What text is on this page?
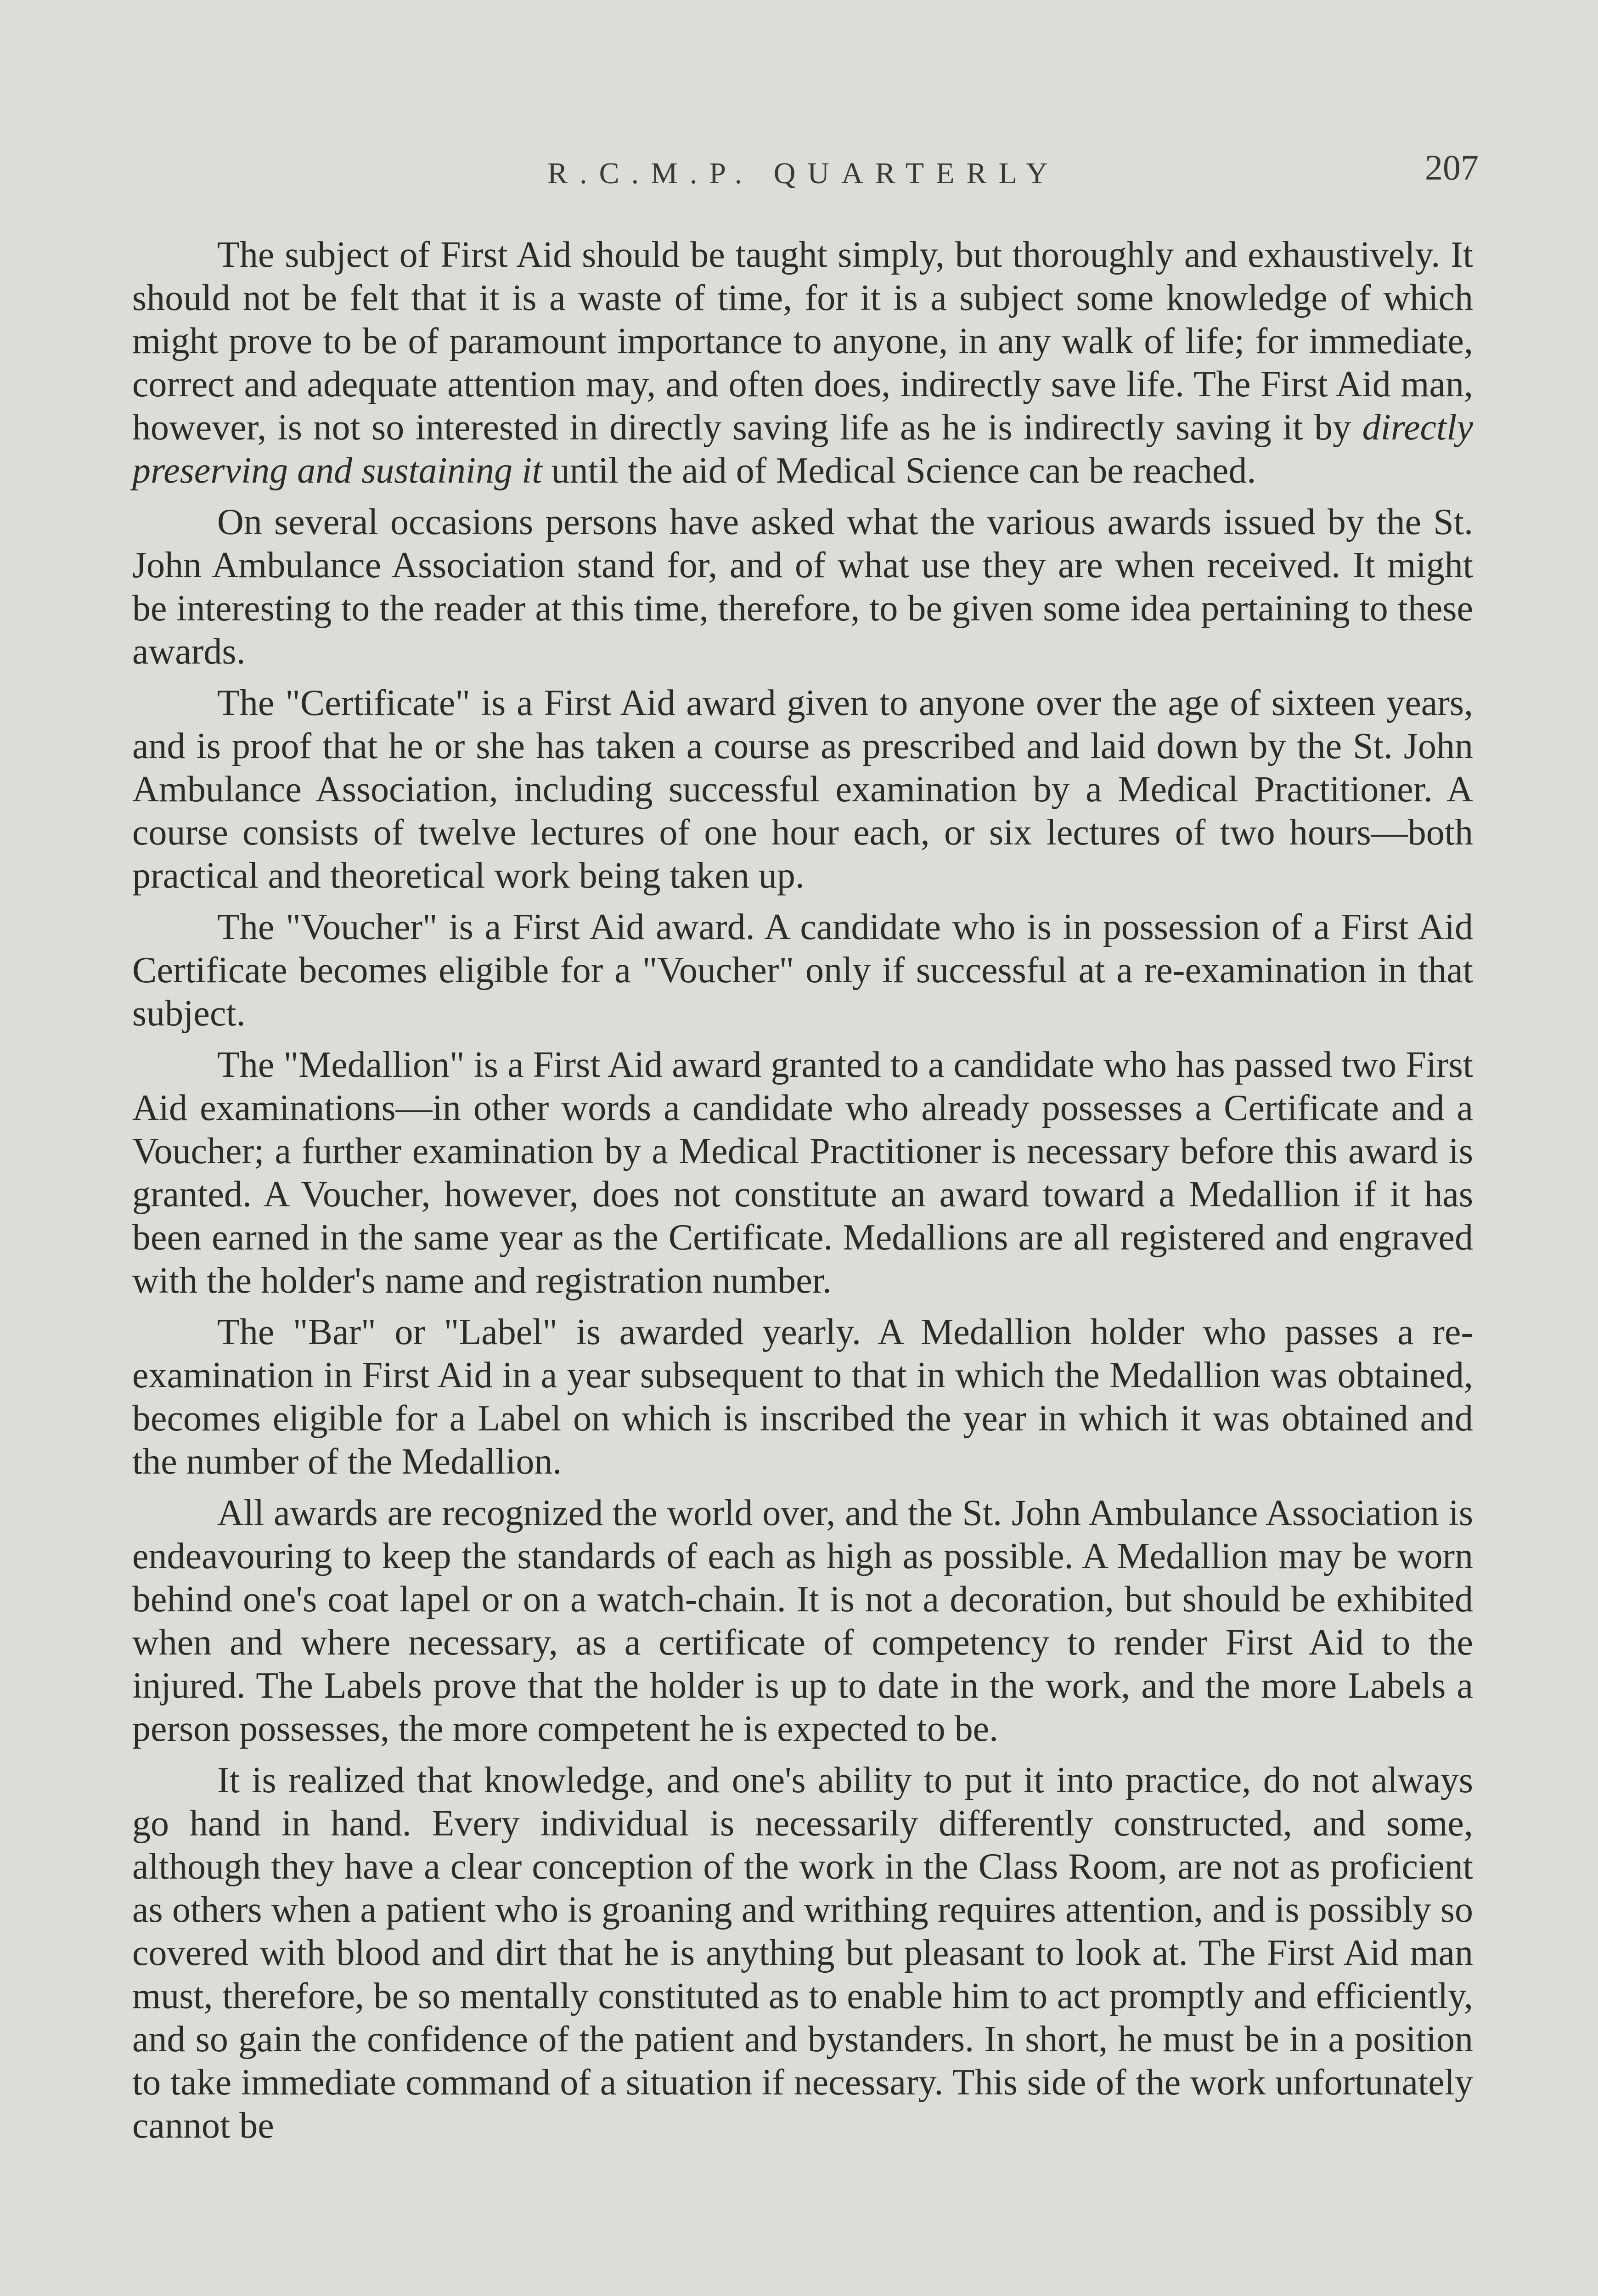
R.C.M.P. QUARTERLY	207

The subject of First Aid should be taught simply, but thoroughly and exhaustively. It should not be felt that it is a waste of time, for it is a subject some knowledge of which might prove to be of paramount importance to anyone, in any walk of life; for immediate, correct and adequate attention may, and often does, indirectly save life. The First Aid man, however, is not so interested in directly saving life as he is indirectly saving it by directly preserving and sustaining it until the aid of Medical Science can be reached.

On several occasions persons have asked what the various awards issued by the St. John Ambulance Association stand for, and of what use they are when received. It might be interesting to the reader at this time, therefore, to be given some idea pertaining to these awards.

The "Certificate" is a First Aid award given to anyone over the age of sixteen years, and is proof that he or she has taken a course as prescribed and laid down by the St. John Ambulance Association, including successful examination by a Medical Practitioner. A course consists of twelve lectures of one hour each, or six lectures of two hours—both practical and theoretical work being taken up.

The "Voucher" is a First Aid award. A candidate who is in possession of a First Aid Certificate becomes eligible for a "Voucher" only if successful at a re-examination in that subject.

The "Medallion" is a First Aid award granted to a candidate who has passed two First Aid examinations—in other words a candidate who already possesses a Certificate and a Voucher; a further examination by a Medical Practitioner is necessary before this award is granted. A Voucher, however, does not constitute an award toward a Medallion if it has been earned in the same year as the Certificate. Medallions are all registered and engraved with the holder's name and registration number.

The "Bar" or "Label" is awarded yearly. A Medallion holder who passes a re-examination in First Aid in a year subsequent to that in which the Medallion was obtained, becomes eligible for a Label on which is inscribed the year in which it was obtained and the number of the Medallion.

All awards are recognized the world over, and the St. John Ambulance Association is endeavouring to keep the standards of each as high as possible. A Medallion may be worn behind one's coat lapel or on a watch-chain. It is not a decoration, but should be exhibited when and where necessary, as a certificate of competency to render First Aid to the injured. The Labels prove that the holder is up to date in the work, and the more Labels a person possesses, the more competent he is expected to be.

It is realized that knowledge, and one's ability to put it into practice, do not always go hand in hand. Every individual is necessarily differently constructed, and some, although they have a clear conception of the work in the Class Room, are not as proficient as others when a patient who is groaning and writhing requires attention, and is possibly so covered with blood and dirt that he is anything but pleasant to look at. The First Aid man must, therefore, be so mentally constituted as to enable him to act promptly and efficiently, and so gain the confidence of the patient and bystanders. In short, he must be in a position to take immediate command of a situation if necessary. This side of the work unfortunately cannot be
